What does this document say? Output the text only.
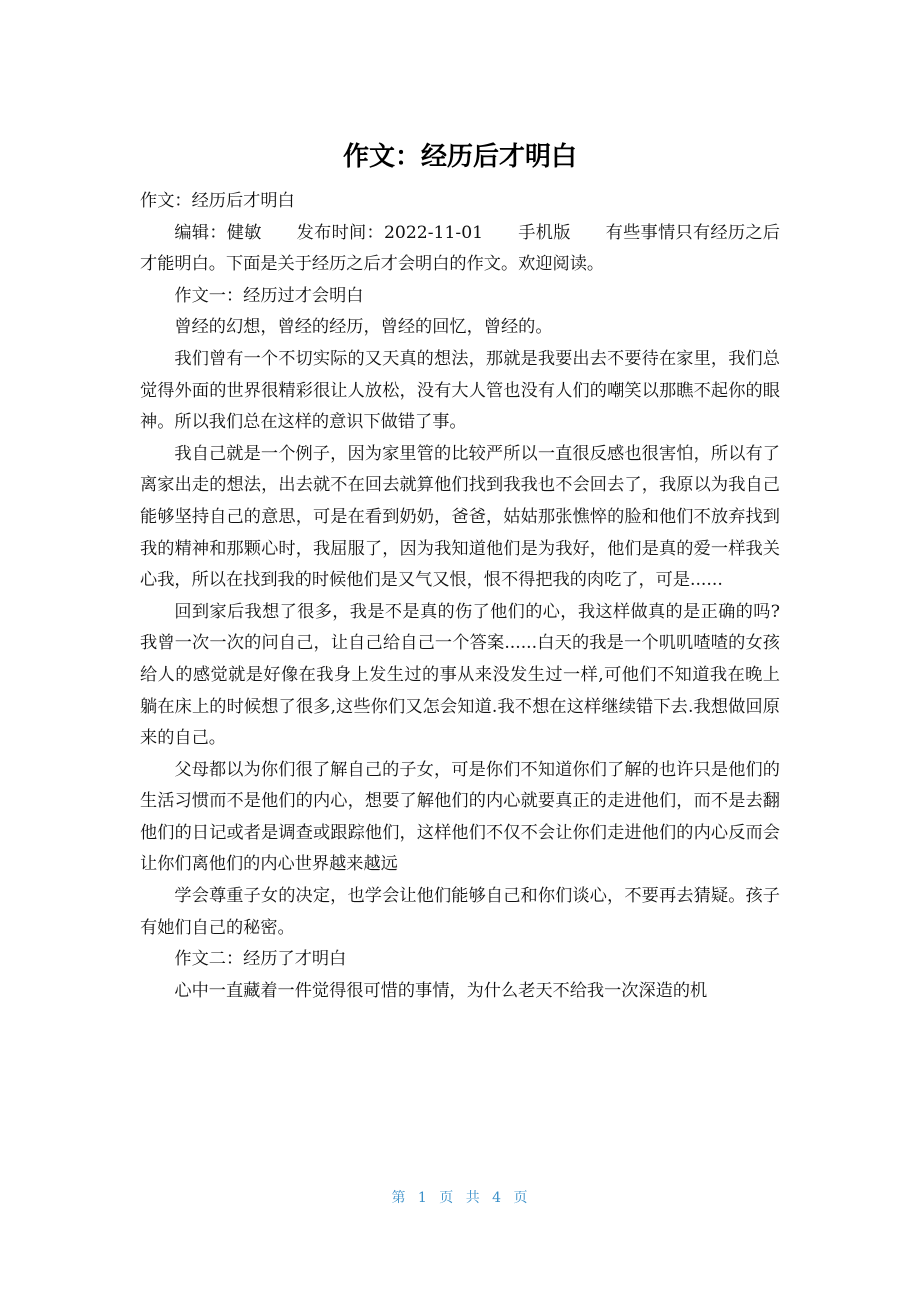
作文：经历后才明白

作文：经历后才明白

编辑：健敏　　发布时间：2022-11-01　　手机版　　有些事情只有经历之后才能明白。下面是关于经历之后才会明白的作文。欢迎阅读。

作文一：经历过才会明白

曾经的幻想，曾经的经历，曾经的回忆，曾经的。

我们曾有一个不切实际的又天真的想法，那就是我要出去不要待在家里，我们总觉得外面的世界很精彩很让人放松，没有大人管也没有人们的嘲笑以那瞧不起你的眼神。所以我们总在这样的意识下做错了事。

我自己就是一个例子，因为家里管的比较严所以一直很反感也很害怕，所以有了离家出走的想法，出去就不在回去就算他们找到我我也不会回去了，我原以为我自己能够坚持自己的意思，可是在看到奶奶，爸爸，姑姑那张憔悴的脸和他们不放弃找到我的精神和那颗心时，我屈服了，因为我知道他们是为我好，他们是真的爱一样我关心我，所以在找到我的时候他们是又气又恨，恨不得把我的肉吃了，可是......

回到家后我想了很多，我是不是真的伤了他们的心，我这样做真的是正确的吗?我曾一次一次的问自己，让自己给自己一个答案......白天的我是一个叽叽喳喳的女孩给人的感觉就是好像在我身上发生过的事从来没发生过一样,可他们不知道我在晚上躺在床上的时候想了很多,这些你们又怎会知道.我不想在这样继续错下去.我想做回原来的自己。

父母都以为你们很了解自己的子女，可是你们不知道你们了解的也许只是他们的生活习惯而不是他们的内心，想要了解他们的内心就要真正的走进他们，而不是去翻他们的日记或者是调查或跟踪他们，这样他们不仅不会让你们走进他们的内心反而会让你们离他们的内心世界越来越远

学会尊重子女的决定，也学会让他们能够自己和你们谈心，不要再去猜疑。孩子有她们自己的秘密。

作文二：经历了才明白

心中一直藏着一件觉得很可惜的事情，为什么老天不给我一次深造的机

第 1 页 共 4 页
